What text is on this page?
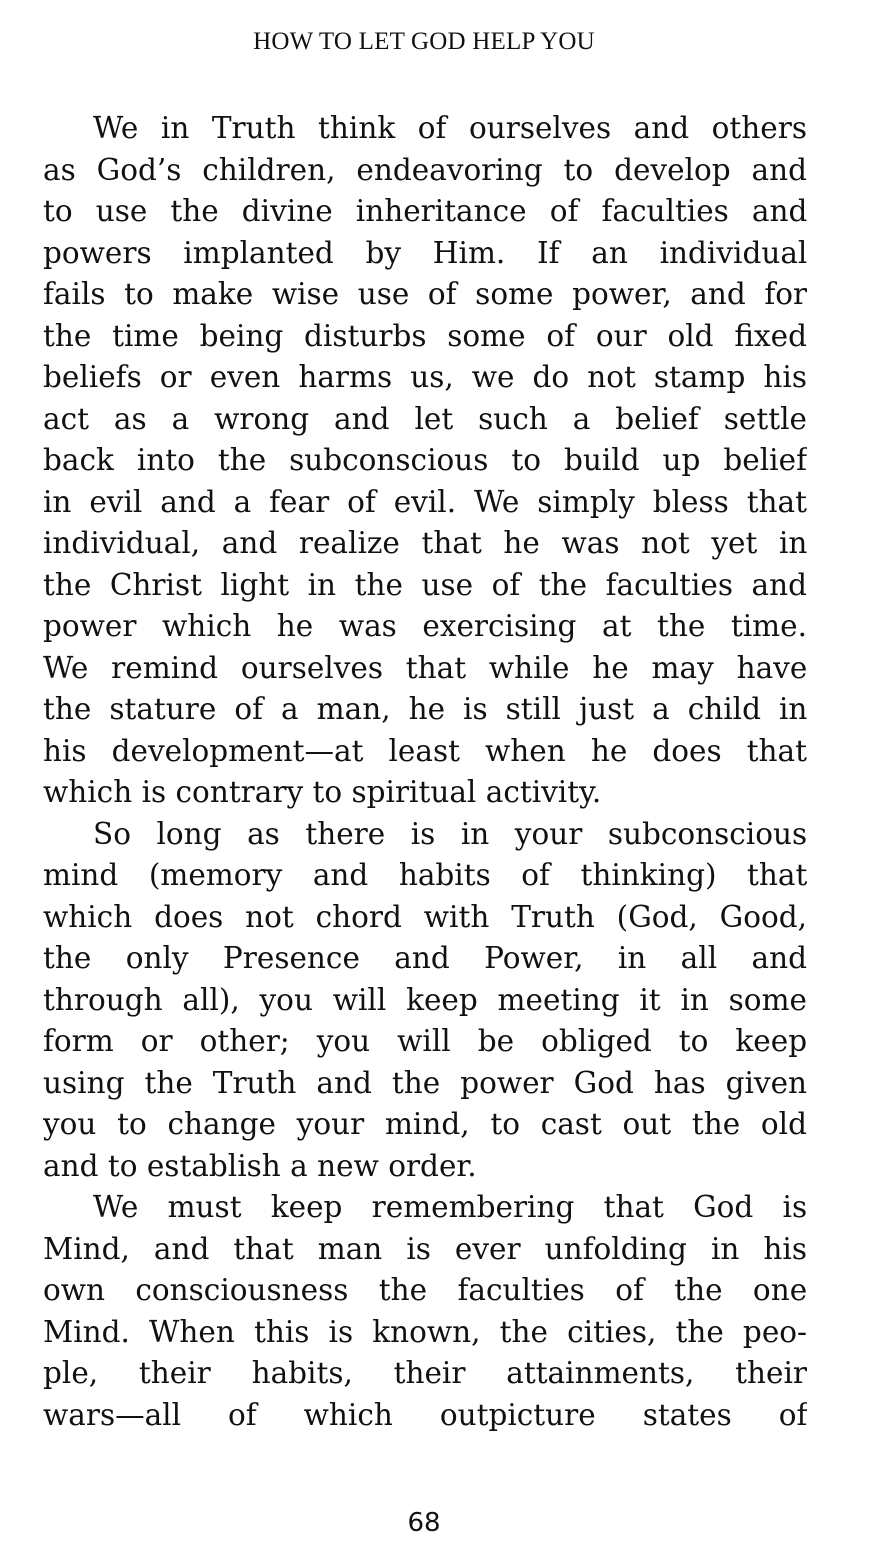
HOW TO LET GOD HELP YOU

We in Truth think of ourselves and others
as God’s children, endeavoring to develop and
to use the divine inheritance of faculties and
powers implanted by Him. If an individual
fails to make wise use of some power, and for
the time being disturbs some of our old fixed
beliefs or even harms us, we do not stamp his
act as a wrong and let such a belief settle
back into the subconscious to build up belief
in evil and a fear of evil. We simply bless that
individual, and realize that he was not yet in
the Christ light in the use of the faculties and
power which he was exercising at the time.
We remind ourselves that while he may have
the stature of a man, he is still just a child in
his development—at least when he does that
which is contrary to spiritual activity.

So long as there is in your subconscious
mind (memory and habits of thinking) that
which does not chord with Truth (God, Good,
the only Presence and Power, in all and
through all), you will keep meeting it in some
form or other; you will be obliged to keep
using the Truth and the power God has given
you to change your mind, to cast out the old
and to establish a new order.

We must keep remembering that God is
Mind, and that man is ever unfolding in his
own consciousness the faculties of the one
Mind. When this is known, the cities, the peo-
ple, their habits, their attainments, their
wars—all of which outpicture states of

68
